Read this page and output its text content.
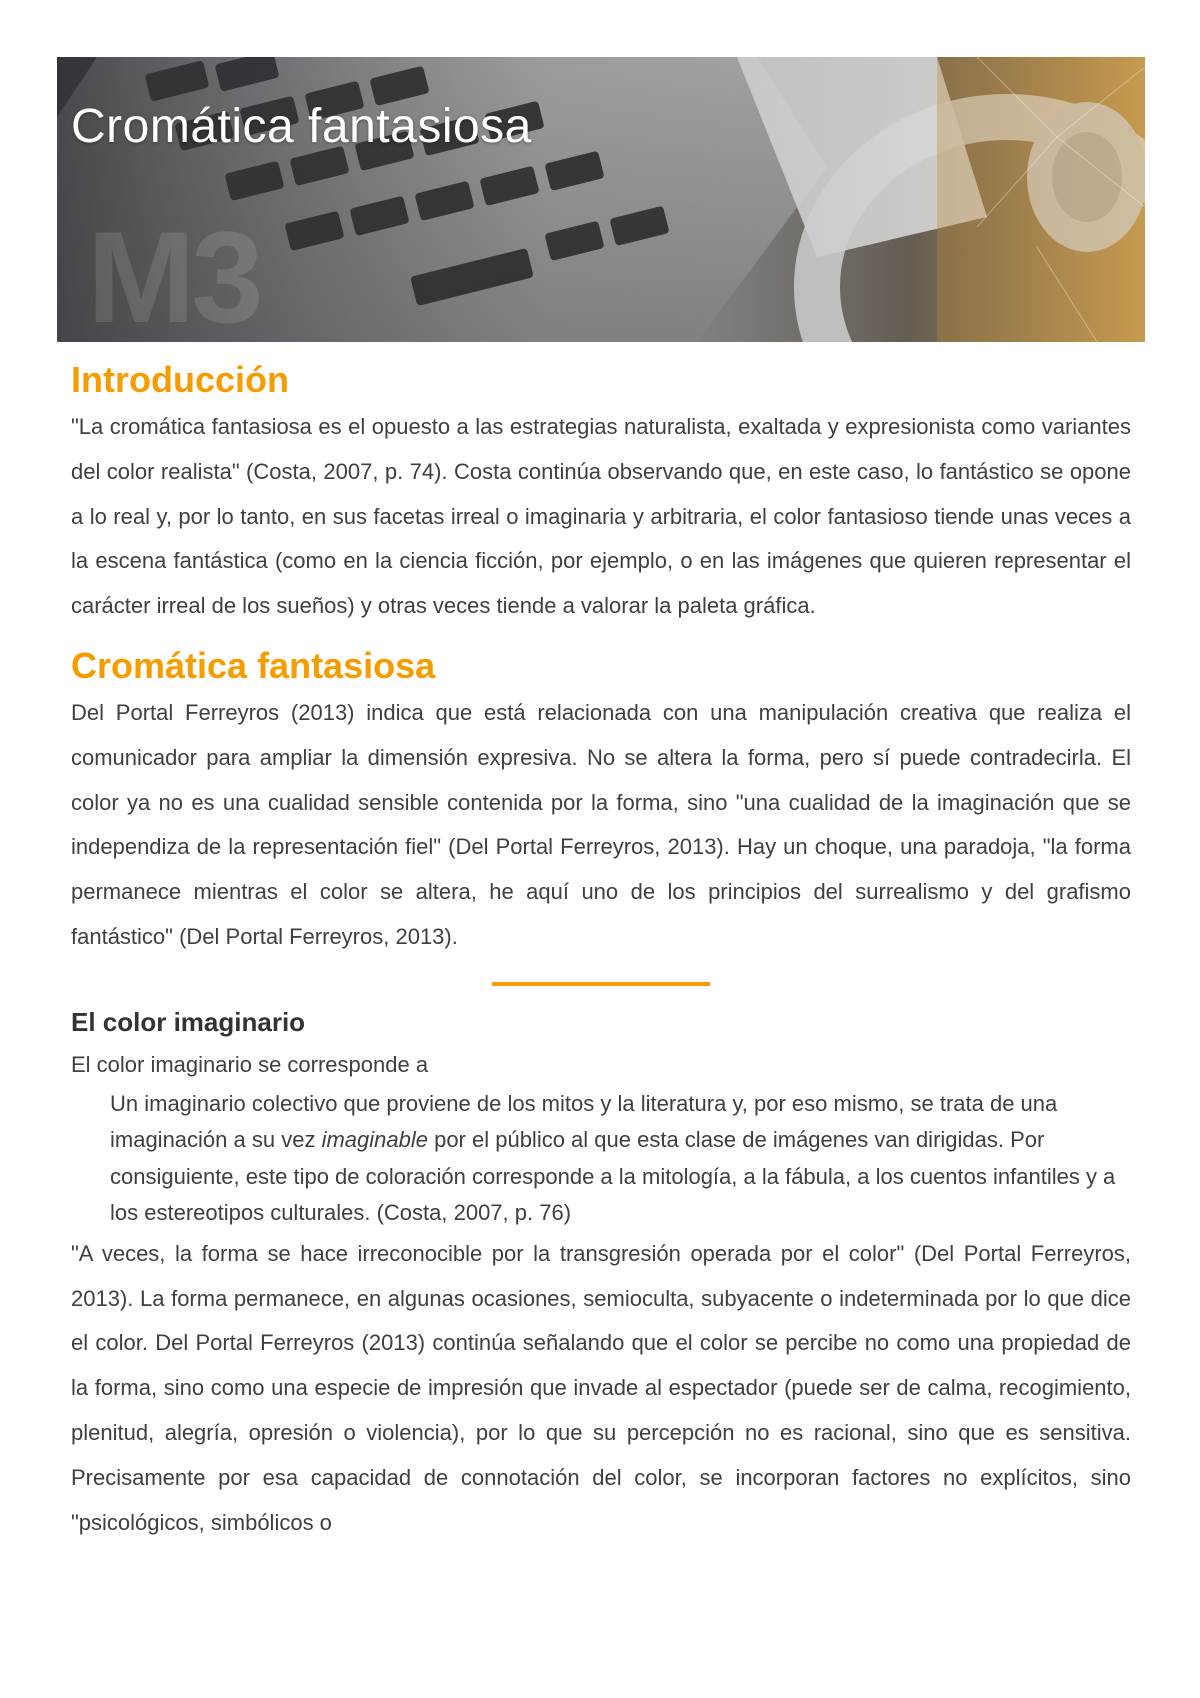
M3
Cromática fantasiosa
Introducción

"La cromática fantasiosa es el opuesto a las estrategias naturalista, exaltada y expresionista como variantes del color realista" (Costa, 2007, p. 74). Costa continúa observando que, en este caso, lo fantástico se opone a lo real y, por lo tanto, en sus facetas irreal o imaginaria y arbitraria, el color fantasioso tiende unas veces a la escena fantástica (como en la ciencia ficción, por ejemplo, o en las imágenes que quieren representar el carácter irreal de los sueños) y otras veces tiende a valorar la paleta gráfica.

Cromática fantasiosa

Del Portal Ferreyros (2013) indica que está relacionada con una manipulación creativa que realiza el comunicador para ampliar la dimensión expresiva. No se altera la forma, pero sí puede contradecirla. El color ya no es una cualidad sensible contenida por la forma, sino "una cualidad de la imaginación que se independiza de la representación fiel" (Del Portal Ferreyros, 2013). Hay un choque, una paradoja, "la forma permanece mientras el color se altera, he aquí uno de los principios del surrealismo y del grafismo fantástico" (Del Portal Ferreyros, 2013).

El color imaginario

El color imaginario se corresponde a

Un imaginario colectivo que proviene de los mitos y la literatura y, por eso mismo, se trata de una imaginación a su vez imaginable por el público al que esta clase de imágenes van dirigidas. Por consiguiente, este tipo de coloración corresponde a la mitología, a la fábula, a los cuentos infantiles y a los estereotipos culturales. (Costa, 2007, p. 76)

"A veces, la forma se hace irreconocible por la transgresión operada por el color" (Del Portal Ferreyros, 2013). La forma permanece, en algunas ocasiones, semioculta, subyacente o indeterminada por lo que dice el color. Del Portal Ferreyros (2013) continúa señalando que el color se percibe no como una propiedad de la forma, sino como una especie de impresión que invade al espectador (puede ser de calma, recogimiento, plenitud, alegría, opresión o violencia), por lo que su percepción no es racional, sino que es sensitiva. Precisamente por esa capacidad de connotación del color, se incorporan factores no explícitos, sino "psicológicos, simbólicos o
